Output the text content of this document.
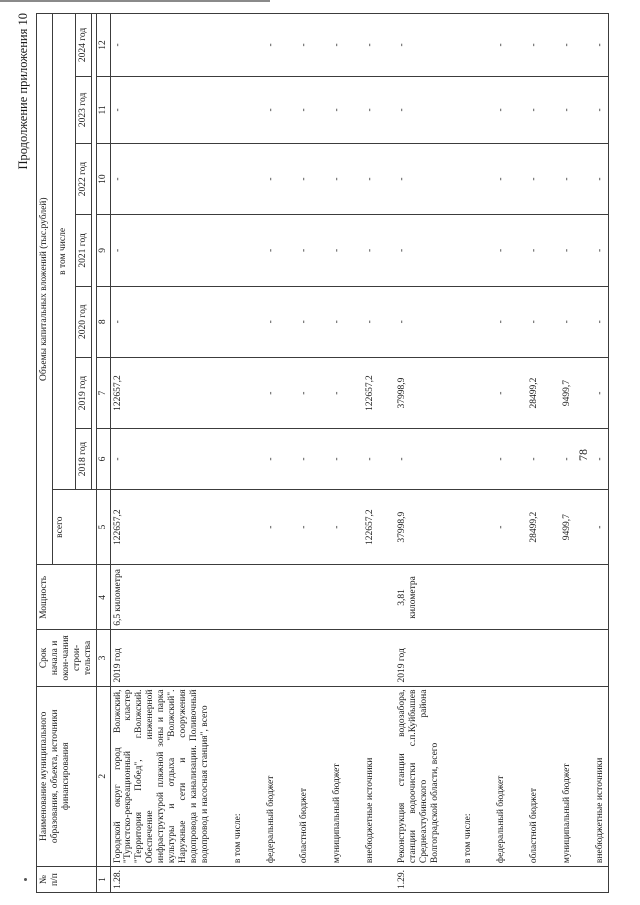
78
Продолжение приложения 10
№ п/п	Наименование муниципального образования, объекта, источники финансирования	Срок начала и окон-чания строи-тельства	Мощность	Объемы капитальных вложений (тыс.рублей)							
				всего	в том числе						
					2018 год	2019 год	2020 год	2021 год	2022 год	2023 год	2024 год

1	2	3	4	5	6	7	8	9	10	11	12
1.28.	Городской округ город Волжский, "Туристско-рекреационный кластер "Территория Побед", г.Волжский. Обеспечение инженерной инфраструктурой пляжной зоны и парка культуры и отдыха "Волжский". Наружные сети и сооружения водопровода и канализации. Поливочный водопровод и насосная станция", всего	2019 год	6,5 километра	122657,2	-	122657,2	-	-	-	-	-

	в том числе:										

	федеральный бюджет			-	-	-	-	-	-	-	-

	областной бюджет			-	-	-	-	-	-	-	-

	муниципальный бюджет			-	-	-	-	-	-	-	-

	внебюджетные источники			122657,2	-	122657,2	-	-	-	-	-

1.29.	Реконструкция станции водозабора, станции водоочистки с.п.Куйбышев Среднеахтубинского района Волгоградской области, всего	2019 год	3,81 километра	37998,9	-	37998,9	-	-	-	-	-

	в том числе:										

	федеральный бюджет			-	-	-	-	-	-	-	-

	областной бюджет			28499,2	-	28499,2	-	-	-	-	-

	муниципальный бюджет			9499,7	-	9499,7	-	-	-	-	-

	внебюджетные источники			-	-	-	-	-	-	-	-
